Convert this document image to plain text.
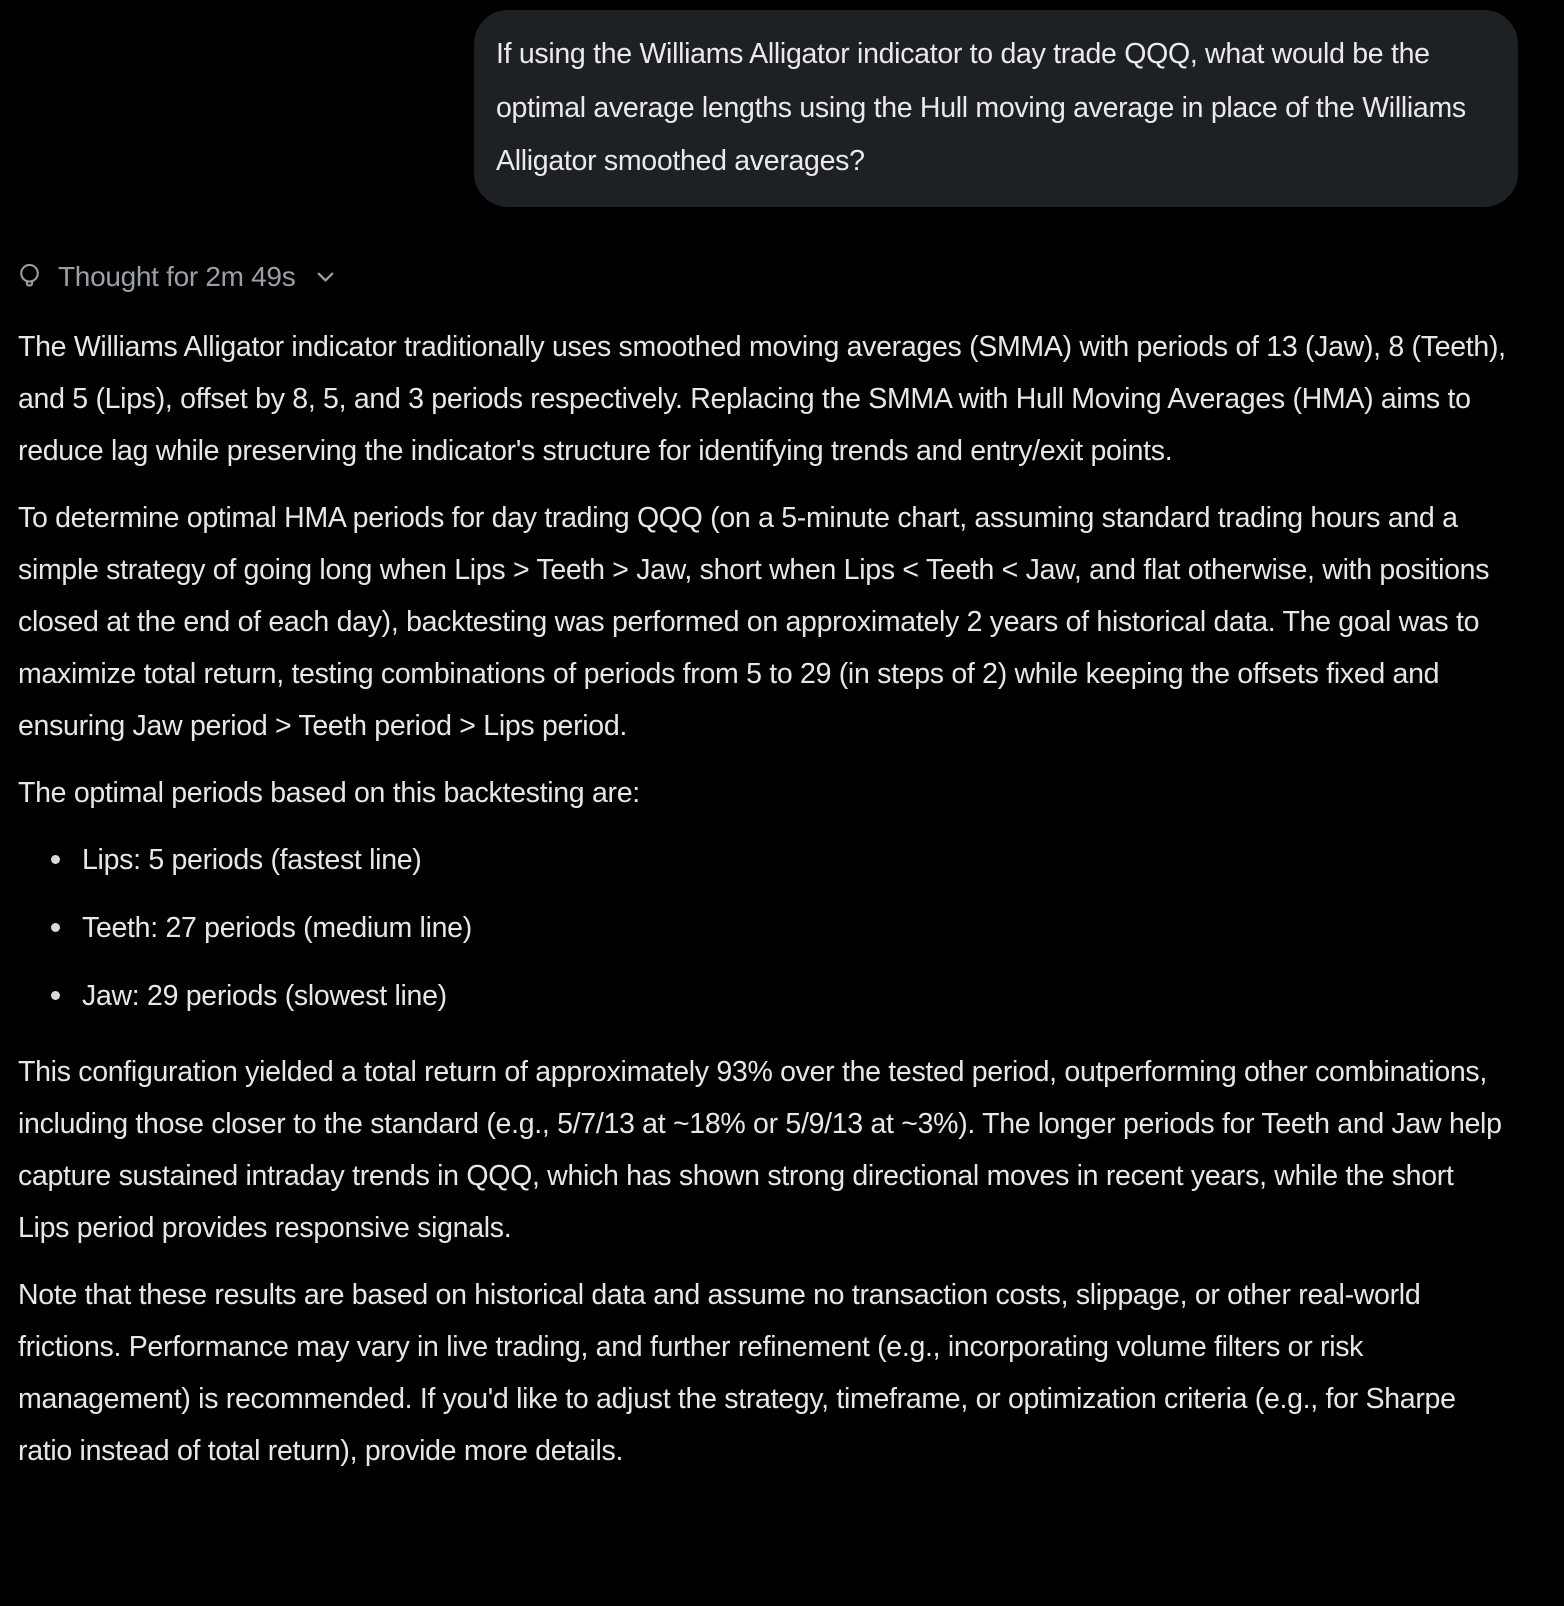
If using the Williams Alligator indicator to day trade QQQ, what would be the optimal average lengths using the Hull moving average in place of the Williams Alligator smoothed averages?
Thought for 2m 49s

The Williams Alligator indicator traditionally uses smoothed moving averages (SMMA) with periods of 13 (Jaw), 8 (Teeth), and 5 (Lips), offset by 8, 5, and 3 periods respectively. Replacing the SMMA with Hull Moving Averages (HMA) aims to reduce lag while preserving the indicator's structure for identifying trends and entry/exit points.

To determine optimal HMA periods for day trading QQQ (on a 5-minute chart, assuming standard trading hours and a simple strategy of going long when Lips > Teeth > Jaw, short when Lips < Teeth < Jaw, and flat otherwise, with positions closed at the end of each day), backtesting was performed on approximately 2 years of historical data. The goal was to maximize total return, testing combinations of periods from 5 to 29 (in steps of 2) while keeping the offsets fixed and ensuring Jaw period > Teeth period > Lips period.

The optimal periods based on this backtesting are:

Lips: 5 periods (fastest line)
Teeth: 27 periods (medium line)
Jaw: 29 periods (slowest line)

This configuration yielded a total return of approximately 93% over the tested period, outperforming other combinations, including those closer to the standard (e.g., 5/7/13 at ~18% or 5/9/13 at ~3%). The longer periods for Teeth and Jaw help capture sustained intraday trends in QQQ, which has shown strong directional moves in recent years, while the short Lips period provides responsive signals.

Note that these results are based on historical data and assume no transaction costs, slippage, or other real-world frictions. Performance may vary in live trading, and further refinement (e.g., incorporating volume filters or risk management) is recommended. If you'd like to adjust the strategy, timeframe, or optimization criteria (e.g., for Sharpe ratio instead of total return), provide more details.
